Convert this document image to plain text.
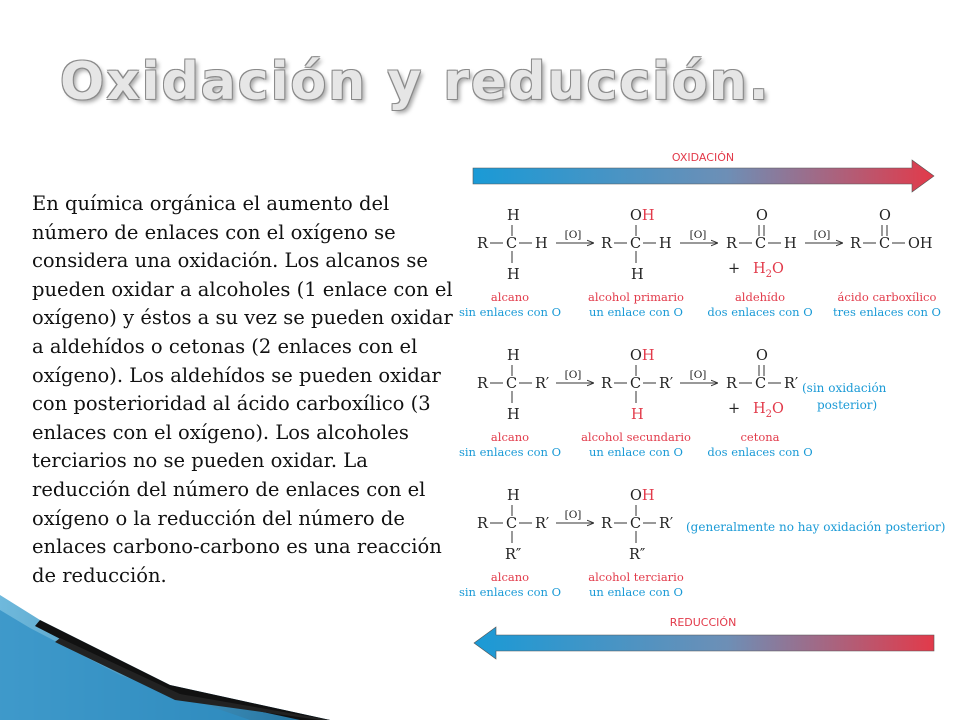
Oxidación y reducción.

En química orgánica el aumento del número de enlaces con el oxígeno se considera una oxidación. Los alcanos se pueden oxidar a alcoholes (1 enlace con el oxígeno) y éstos a su vez se pueden oxidar a aldehídos o cetonas (2 enlaces con el oxígeno). Los aldehídos se pueden oxidar con posterioridad al ácido carboxílico (3 enlaces con el oxígeno). Los alcoholes terciarios no se pueden oxidar. La reducción del número de enlaces con el oxígeno o la reducción del número de enlaces carbono-carbono es una reacción de reducción.

OXIDACIÓN
H
R C H
H
[O]
OH
R C H
H
[O]
O
R C H
+ $H_2O$
[O]
O
R C OH
alcano
sin enlaces con O
alcohol primario
un enlace con O
aldehído
dos enlaces con O
ácido carboxílico
tres enlaces con O
H
R C R′
H
[O]
OH
R C R′
H
[O]
O
R C R′
+ $H_2O$
(sin oxidación
posterior)
alcano
sin enlaces con O
alcohol secundario
un enlace con O
cetona
dos enlaces con O
H
R C R′
R″
[O]
OH
R C R′
R″
(generalmente no hay oxidación posterior)
alcano
sin enlaces con O
alcohol terciario
un enlace con O
REDUCCIÓN
